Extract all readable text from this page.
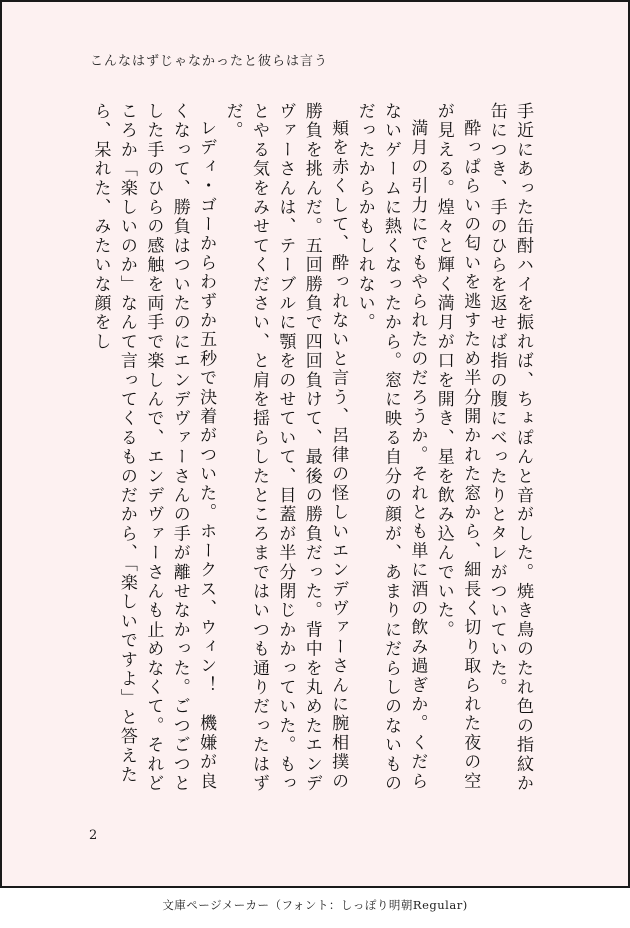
こんなはずじゃなかったと彼らは言う

手近にあった缶酎ハイを振れば、ちょぽんと音がした。焼き鳥のたれ色の指紋か缶につき、手のひらを返せば指の腹にべったりとタレがついていた。

酔っぱらいの匂いを逃すため半分開かれた窓から、細長く切り取られた夜の空が見える。煌々と輝く満月が口を開き、星を飲み込んでいた。

満月の引力にでもやられたのだろうか。それとも単に酒の飲み過ぎか。くだらないゲームに熱くなったから。窓に映る自分の顔が、あまりにだらしのないものだったからかもしれない。

頬を赤くして、酔っれないと言う、呂律の怪しいエンデヴァーさんに腕相撲の勝負を挑んだ。五回勝負で四回負けて、最後の勝負だった。背中を丸めたエンデヴァーさんは、テーブルに顎をのせていて、目蓋が半分閉じかかっていた。もっとやる気をみせてください、と肩を揺らしたところまではいつも通りだったはずだ。

レディ・ゴーからわずか五秒で決着がついた。ホークス、ウィン！　機嫌が良くなって、勝負はついたのにエンデヴァーさんの手が離せなかった。ごつごつとした手のひらの感触を両手で楽しんで、エンデヴァーさんも止めなくて。それどころか「楽しいのか」なんて言ってくるものだから、「楽しいですよ」と答えたら、呆れた、みたいな顔をし

2
文庫ページメーカー（フォント：しっぽり明朝Regular)
